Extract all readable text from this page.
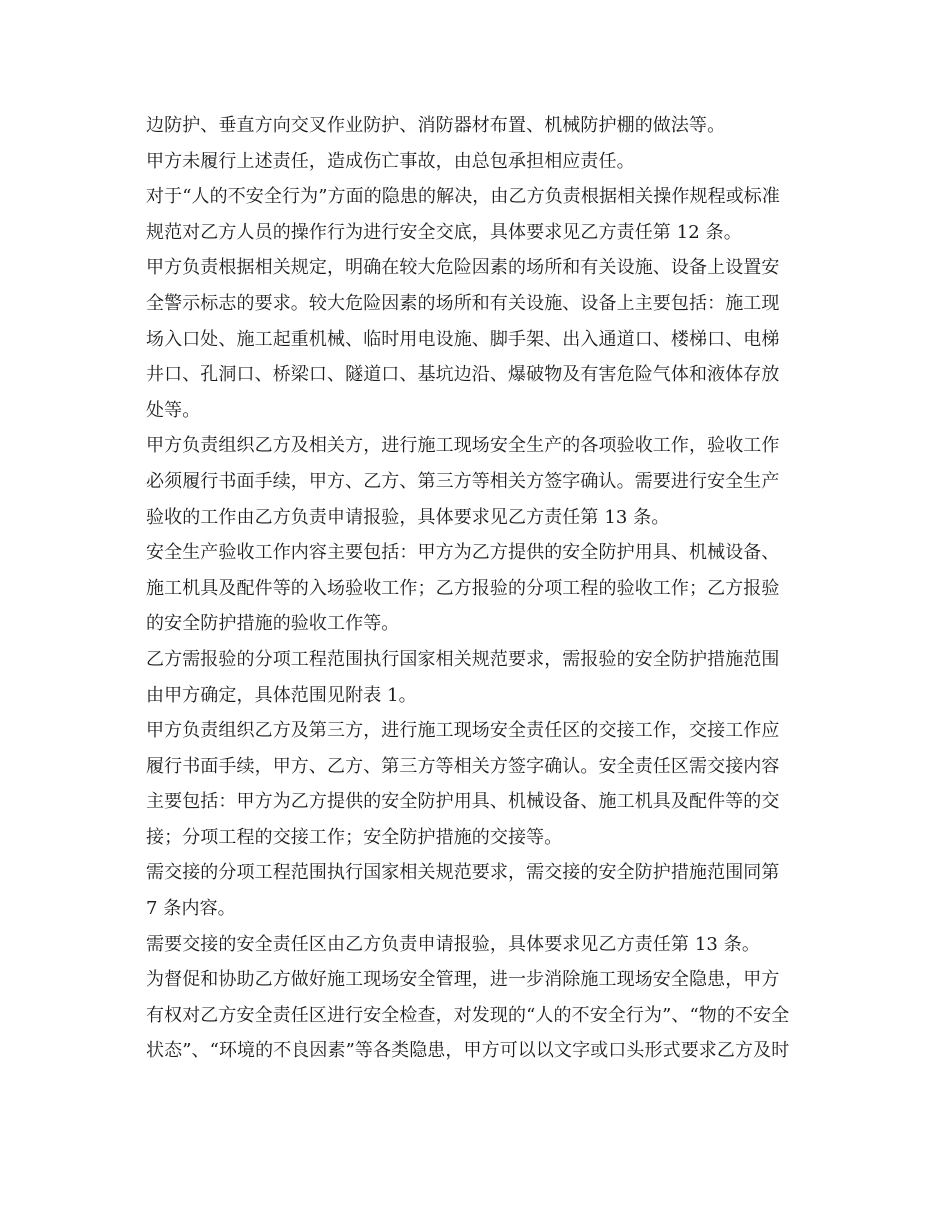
边防护、垂直方向交叉作业防护、消防器材布置、机械防护棚的做法等。
甲方未履行上述责任，造成伤亡事故，由总包承担相应责任。
对于“人的不安全行为”方面的隐患的解决，由乙方负责根据相关操作规程或标准
规范对乙方人员的操作行为进行安全交底，具体要求见乙方责任第 12 条。
甲方负责根据相关规定，明确在较大危险因素的场所和有关设施、设备上设置安
全警示标志的要求。较大危险因素的场所和有关设施、设备上主要包括：施工现
场入口处、施工起重机械、临时用电设施、脚手架、出入通道口、楼梯口、电梯
井口、孔洞口、桥梁口、隧道口、基坑边沿、爆破物及有害危险气体和液体存放
处等。
甲方负责组织乙方及相关方，进行施工现场安全生产的各项验收工作，验收工作
必须履行书面手续，甲方、乙方、第三方等相关方签字确认。需要进行安全生产
验收的工作由乙方负责申请报验，具体要求见乙方责任第 13 条。
安全生产验收工作内容主要包括：甲方为乙方提供的安全防护用具、机械设备、
施工机具及配件等的入场验收工作；乙方报验的分项工程的验收工作；乙方报验
的安全防护措施的验收工作等。
乙方需报验的分项工程范围执行国家相关规范要求，需报验的安全防护措施范围
由甲方确定，具体范围见附表 1。
甲方负责组织乙方及第三方，进行施工现场安全责任区的交接工作，交接工作应
履行书面手续，甲方、乙方、第三方等相关方签字确认。安全责任区需交接内容
主要包括：甲方为乙方提供的安全防护用具、机械设备、施工机具及配件等的交
接；分项工程的交接工作；安全防护措施的交接等。
需交接的分项工程范围执行国家相关规范要求，需交接的安全防护措施范围同第
7 条内容。
需要交接的安全责任区由乙方负责申请报验，具体要求见乙方责任第 13 条。
为督促和协助乙方做好施工现场安全管理，进一步消除施工现场安全隐患，甲方
有权对乙方安全责任区进行安全检查，对发现的“人的不安全行为”、“物的不安全
状态”、“环境的不良因素”等各类隐患，甲方可以以文字或口头形式要求乙方及时
